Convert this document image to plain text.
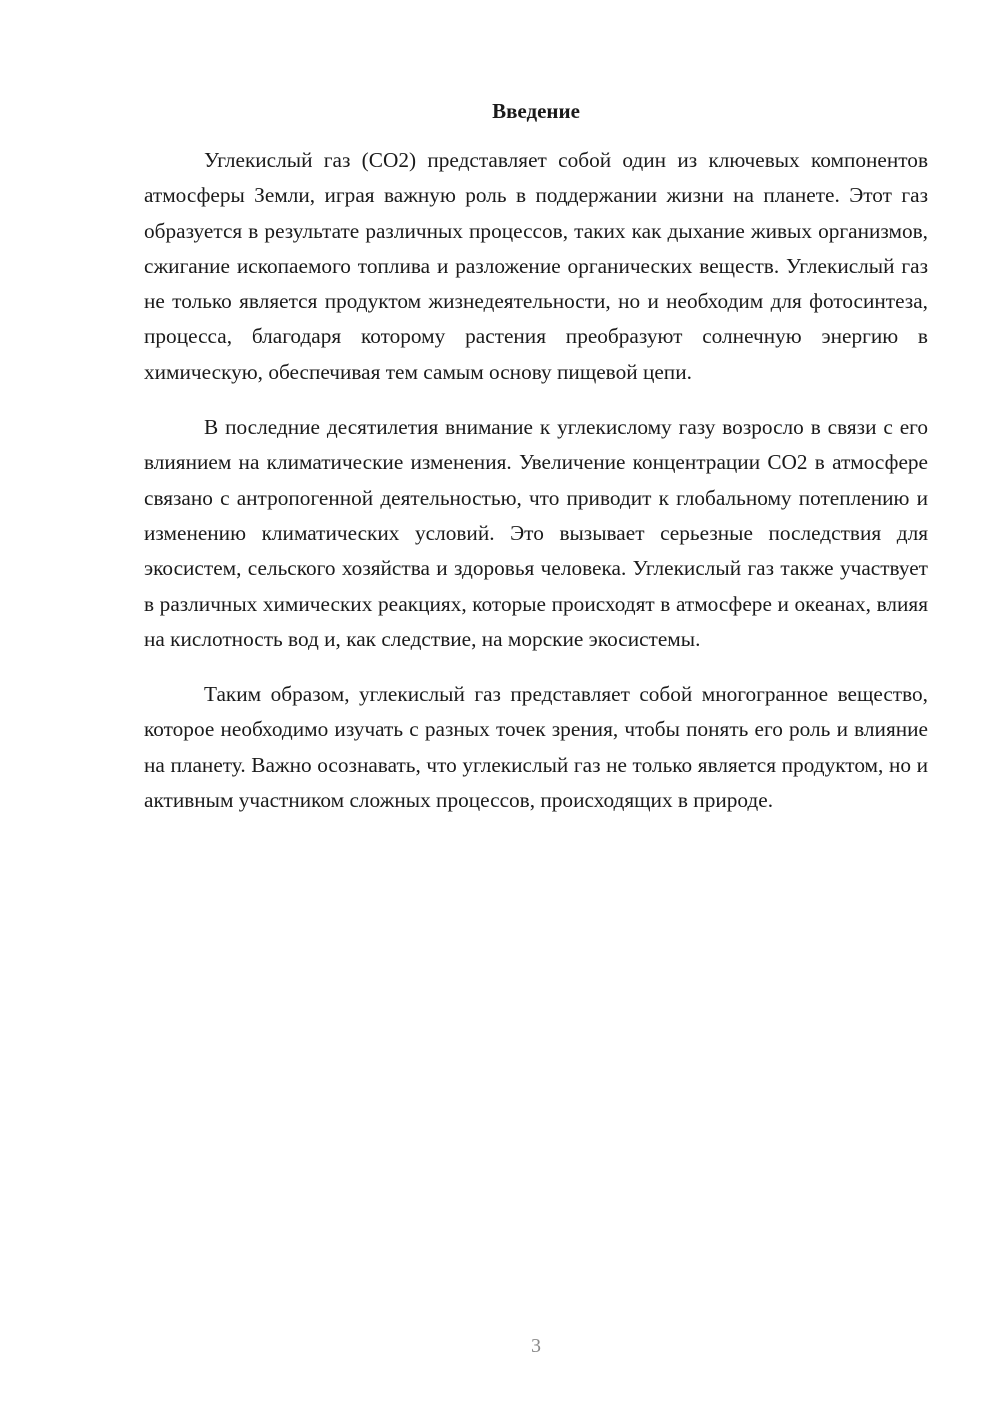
Введение

Углекислый газ (CO2) представляет собой один из ключевых компонентов атмосферы Земли, играя важную роль в поддержании жизни на планете. Этот газ образуется в результате различных процессов, таких как дыхание живых организмов, сжигание ископаемого топлива и разложение органических веществ. Углекислый газ не только является продуктом жизнедеятельности, но и необходим для фотосинтеза, процесса, благодаря которому растения преобразуют солнечную энергию в химическую, обеспечивая тем самым основу пищевой цепи.

В последние десятилетия внимание к углекислому газу возросло в связи с его влиянием на климатические изменения. Увеличение концентрации CO2 в атмосфере связано с антропогенной деятельностью, что приводит к глобальному потеплению и изменению климатических условий. Это вызывает серьезные последствия для экосистем, сельского хозяйства и здоровья человека. Углекислый газ также участвует в различных химических реакциях, которые происходят в атмосфере и океанах, влияя на кислотность вод и, как следствие, на морские экосистемы.

Таким образом, углекислый газ представляет собой многогранное вещество, которое необходимо изучать с разных точек зрения, чтобы понять его роль и влияние на планету. Важно осознавать, что углекислый газ не только является продуктом, но и активным участником сложных процессов, происходящих в природе.

3
